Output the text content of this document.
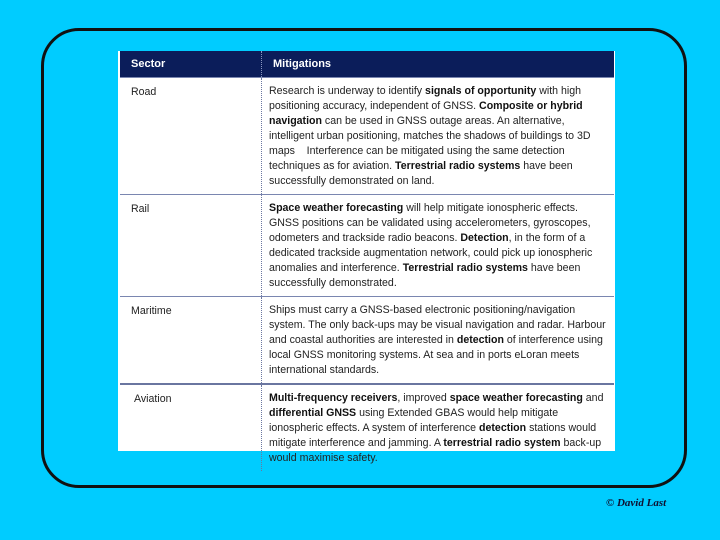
Sector	Mitigations
Road	Research is underway to identify signals of opportunity with high positioning accuracy, independent of GNSS. Composite or hybrid navigation can be used in GNSS outage areas. An alternative, intelligent urban positioning, matches the shadows of buildings to 3D maps    Interference can be mitigated using the same detection techniques as for aviation. Terrestrial radio systems have been successfully demonstrated on land.
Rail	Space weather forecasting will help mitigate ionospheric effects. GNSS positions can be validated using accelerometers, gyroscopes, odometers and trackside radio beacons. Detection, in the form of a dedicated trackside augmentation network, could pick up ionospheric anomalies and interference. Terrestrial radio systems have been successfully demonstrated.
Maritime	Ships must carry a GNSS-based electronic positioning/navigation system. The only back-ups may be visual navigation and radar. Harbour and coastal authorities are interested in detection of interference using local GNSS monitoring systems. At sea and in ports eLoran meets international standards.
Aviation	Multi-frequency receivers, improved space weather forecasting and differential GNSS using Extended GBAS would help mitigate ionospheric effects. A system of interference detection stations would mitigate interference and jamming. A terrestrial radio system back-up would maximise safety.
© David Last
